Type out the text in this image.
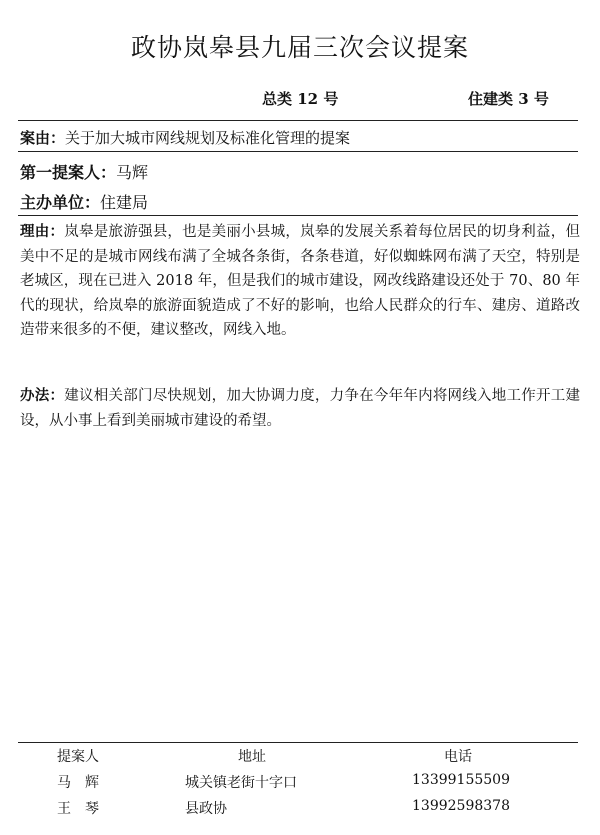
政协岚皋县九届三次会议提案
总类 12 号	住建类 3 号
案由：关于加大城市网线规划及标准化管理的提案
第一提案人：马辉
主办单位：住建局
理由：岚皋是旅游强县，也是美丽小县城，岚皋的发展关系着每位居民的切身利益，但美中不足的是城市网线布满了全城各条街，各条巷道，好似蜘蛛网布满了天空，特别是老城区，现在已进入 2018 年，但是我们的城市建设，网改线路建设还处于 70、80 年代的现状，给岚皋的旅游面貌造成了不好的影响，也给人民群众的行车、建房、道路改造带来很多的不便，建议整改，网线入地。
办法：建议相关部门尽快规划，加大协调力度，力争在今年年内将网线入地工作开工建设，从小事上看到美丽城市建设的希望。
提案人	地址	电话
马　辉	城关镇老街十字口	13399155509
王　琴	县政协	13992598378
